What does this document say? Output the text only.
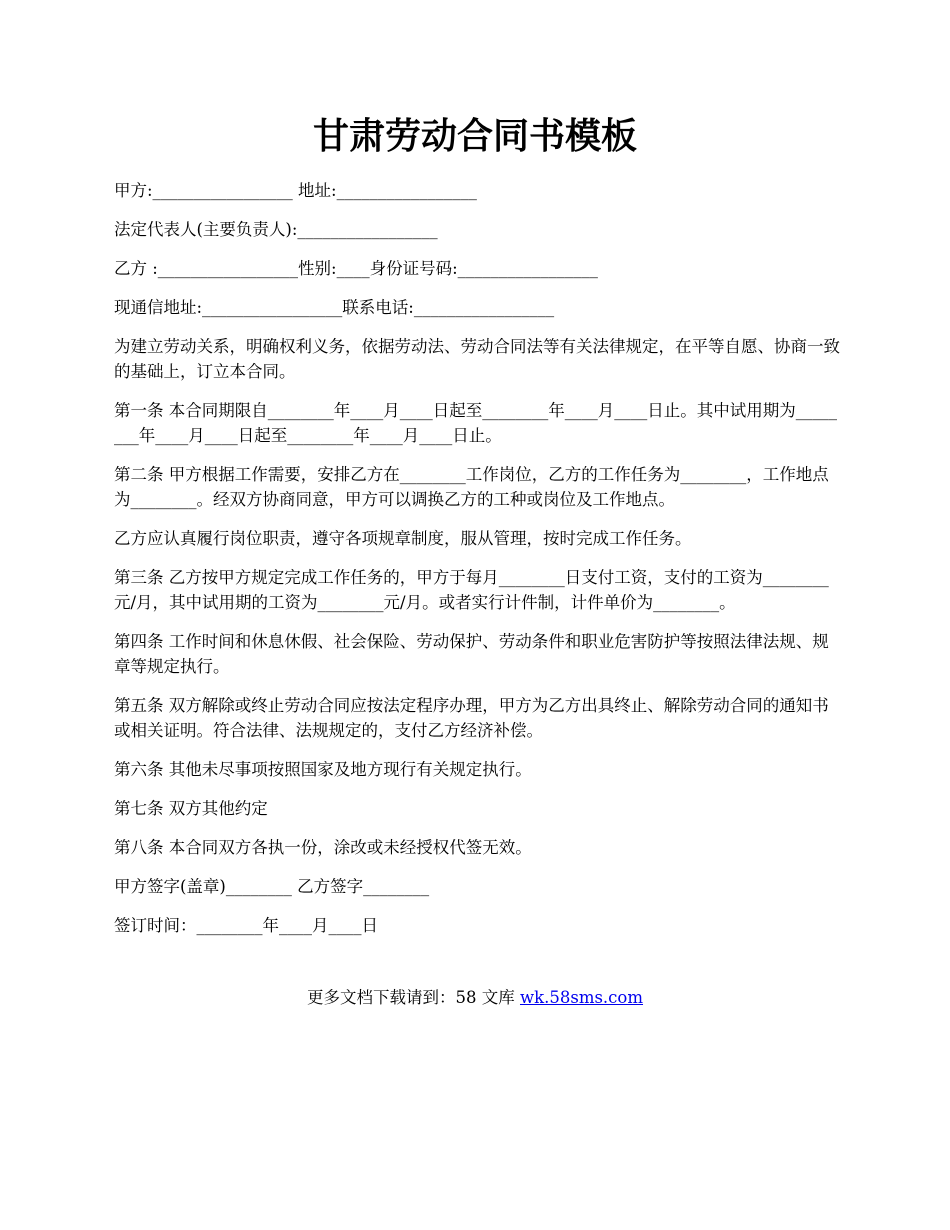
甘肃劳动合同书模板

甲方:_________________ 地址:_________________

法定代表人(主要负责人):_________________

乙方 :_________________性别:____身份证号码:_________________

现通信地址:_________________联系电话:_________________

为建立劳动关系，明确权利义务，依据劳动法、劳动合同法等有关法律规定，在平等自愿、协商一致的基础上，订立本合同。

第一条 本合同期限自________年____月____日起至________年____月____日止。其中试用期为________年____月____日起至________年____月____日止。

第二条 甲方根据工作需要，安排乙方在________工作岗位，乙方的工作任务为________，工作地点为________。经双方协商同意，甲方可以调换乙方的工种或岗位及工作地点。

乙方应认真履行岗位职责，遵守各项规章制度，服从管理，按时完成工作任务。

第三条 乙方按甲方规定完成工作任务的，甲方于每月________日支付工资，支付的工资为________元/月，其中试用期的工资为________元/月。或者实行计件制，计件单价为________。

第四条 工作时间和休息休假、社会保险、劳动保护、劳动条件和职业危害防护等按照法律法规、规章等规定执行。

第五条 双方解除或终止劳动合同应按法定程序办理，甲方为乙方出具终止、解除劳动合同的通知书或相关证明。符合法律、法规规定的，支付乙方经济补偿。

第六条 其他未尽事项按照国家及地方现行有关规定执行。

第七条 双方其他约定

第八条 本合同双方各执一份，涂改或未经授权代签无效。

甲方签字(盖章)________ 乙方签字________

签订时间：________年____月____日

更多文档下载请到：58 文库 wk.58sms.com
